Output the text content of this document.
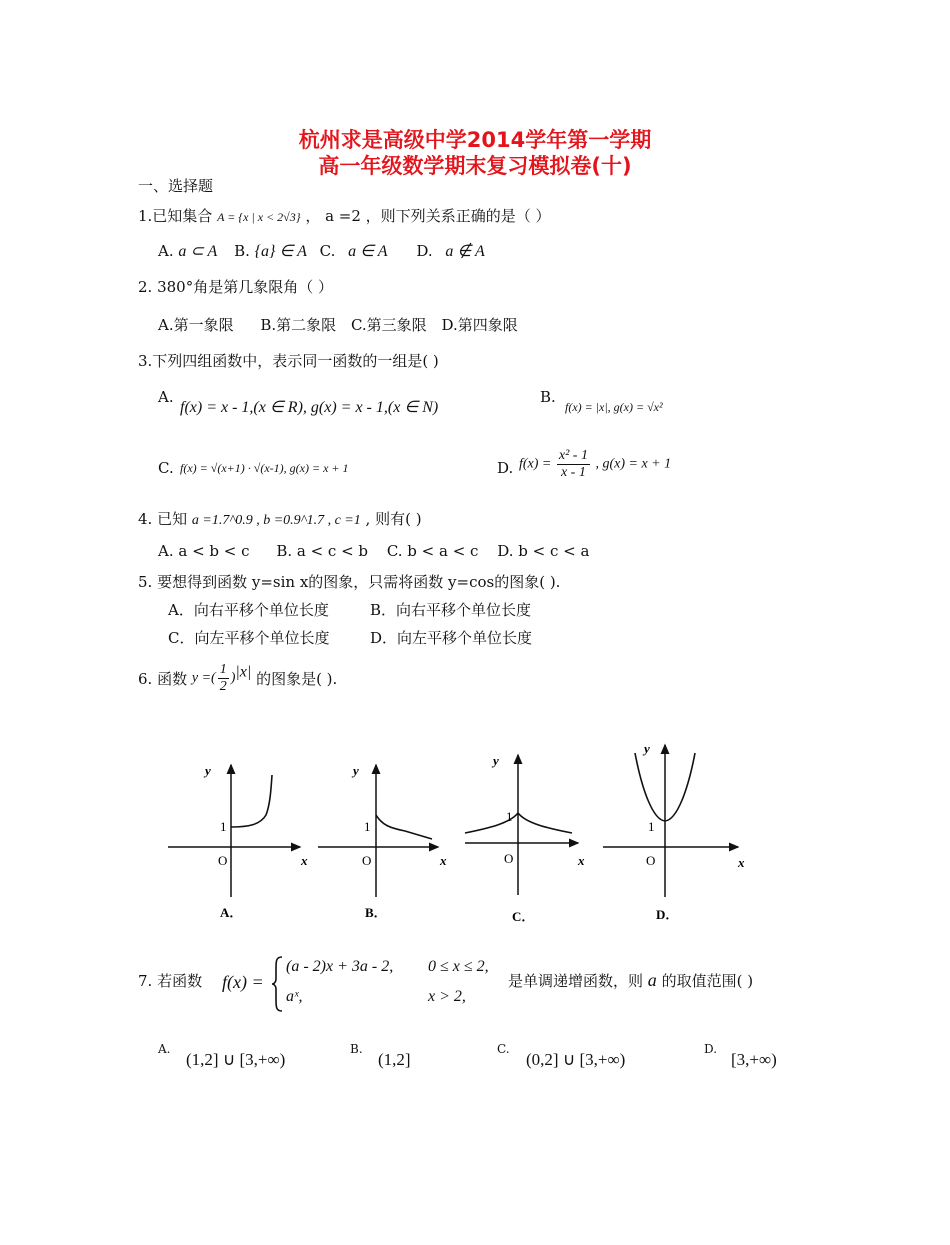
杭州求是高级中学2014学年第一学期
高一年级数学期末复习模拟卷(十)
一、选择题
1.已知集合 A = {x | x < 2√3} ， a =2 ，则下列关系正确的是（ ）
A. a ⊂ A B. {a} ∈ A C. a ∈ A D. a ∉ A
2. 380°角是第几象限角（ ）
A.第一象限 B.第二象限 C.第三象限 D.第四象限
3.下列四组函数中，表示同一函数的一组是( )
A.
f(x) = x - 1,(x ∈ R), g(x) = x - 1,(x ∈ N)
B.
f(x) = |x|, g(x) = √x²
C. f(x) = √(x+1) · √(x-1), g(x) = x + 1	D. $f(x) = \frac{\text{x² - 1}}{x - 1}$ , g(x) = x + 1
4. 已知 a =1.7^0.9 , b =0.9^1.7 , c =1 , 则有( )
A. a < b < c B. a < c < b C. b < a < c D. b < c < a
5. 要想得到函数 y=sin x的图象，只需将函数 y=cos的图象( ).
A．向右平移个单位长度	B．向右平移个单位长度
C．向左平移个单位长度	D．向左平移个单位长度
6. 函数 y =( $\frac{1}{2} )^{|x|}$ 的图象是( ).
y
1
O	x
A．
y
1
O	x
B．
y
1
O	x
C．
y
1
O	x
D．
7. 若函数 f(x) =
(a - 2)x + 3a - 2, 0 ≤ x ≤ 2,
aˣ,	x > 2,
是单调递增函数，则 a 的取值范围( )
A.
(1,2] ∪ [3,+∞)
B.
(1,2]
C.
(0,2] ∪ [3,+∞)
D.
[3,+∞)
